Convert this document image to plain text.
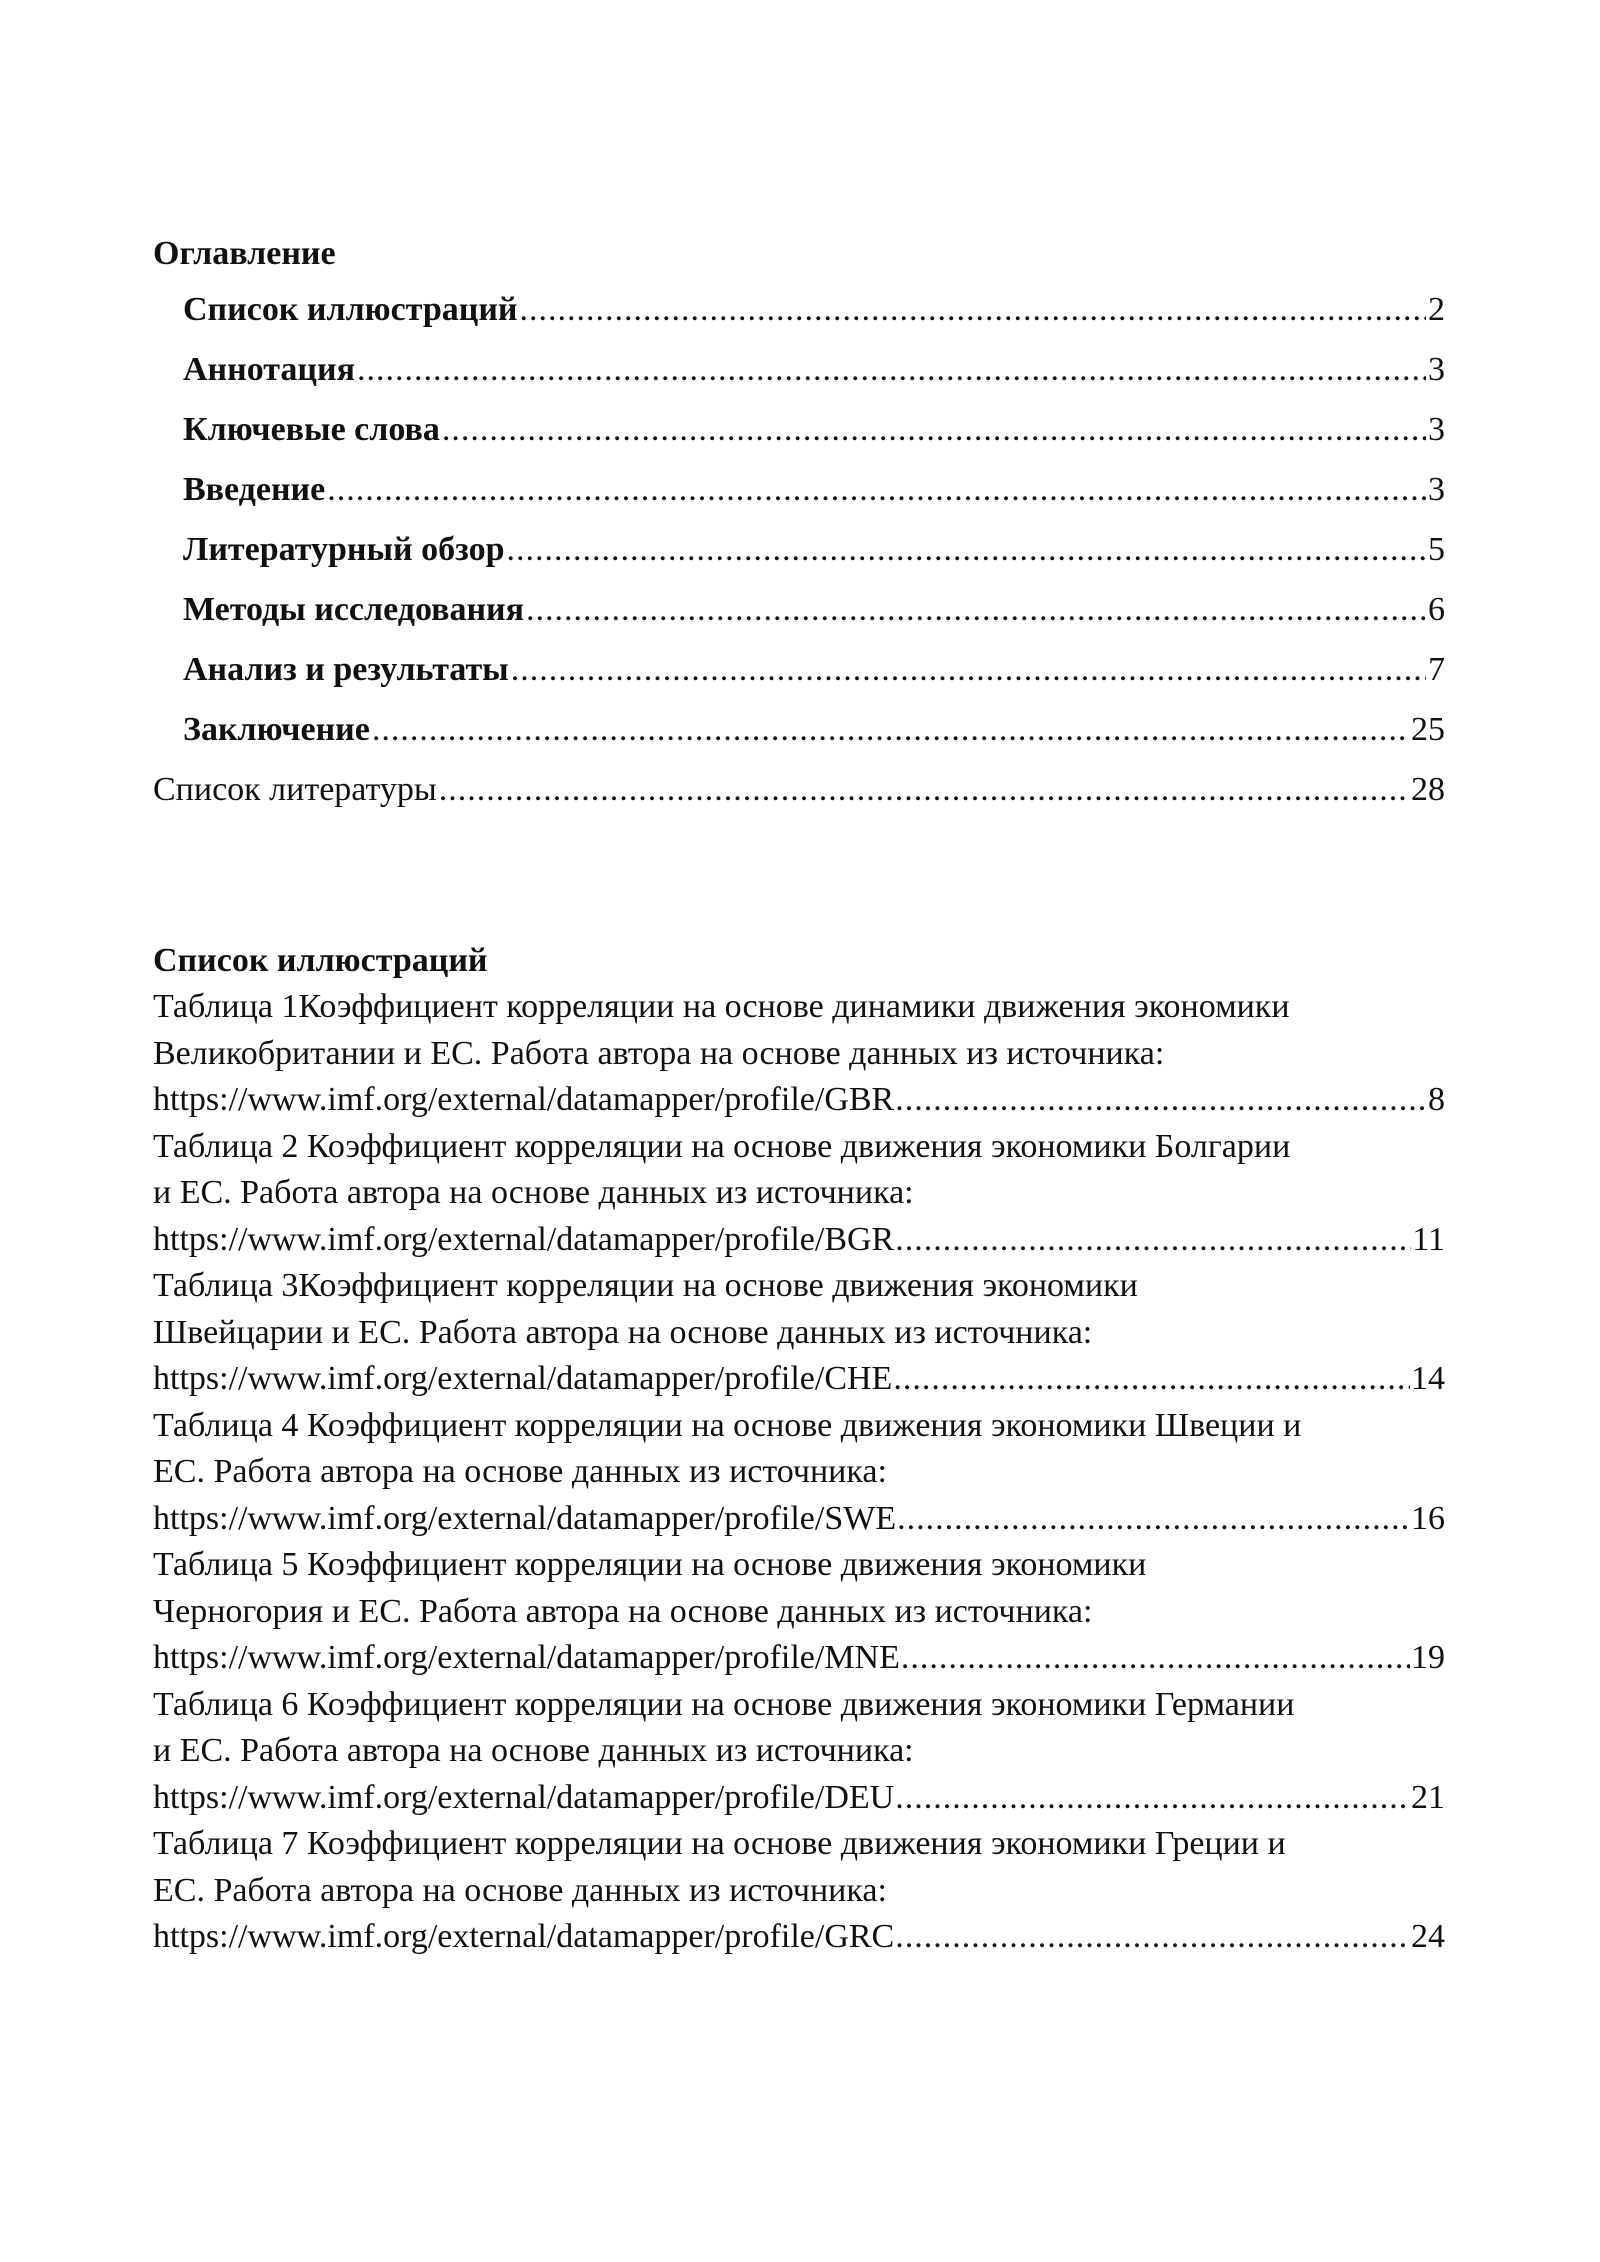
Оглавление
Список иллюстраций .....	2
Аннотация .....	3
Ключевые слова .....	3
Введение .....	3
Литературный обзор .....	5
Методы исследования .....	6
Анализ и результаты .....	7
Заключение .....	25
Список литературы .....	28
Список иллюстраций
Таблица 1Коэффициент корреляции на основе динамики движения экономики
Великобритании и ЕС. Работа автора на основе данных из источника:
https://www.imf.org/external/datamapper/profile/GBR .....	8
Таблица 2 Коэффициент корреляции на основе движения экономики Болгарии
и ЕС. Работа автора на основе данных из источника:
https://www.imf.org/external/datamapper/profile/BGR .....	11
Таблица 3Коэффициент корреляции на основе движения экономики
Швейцарии и ЕС. Работа автора на основе данных из источника:
https://www.imf.org/external/datamapper/profile/CHE .....	14
Таблица 4 Коэффициент корреляции на основе движения экономики Швеции и
ЕС. Работа автора на основе данных из источника:
https://www.imf.org/external/datamapper/profile/SWE .....	16
Таблица 5 Коэффициент корреляции на основе движения экономики
Черногория и ЕС. Работа автора на основе данных из источника:
https://www.imf.org/external/datamapper/profile/MNE .....	19
Таблица 6 Коэффициент корреляции на основе движения экономики Германии
и ЕС. Работа автора на основе данных из источника:
https://www.imf.org/external/datamapper/profile/DEU .....	21
Таблица 7 Коэффициент корреляции на основе движения экономики Греции и
ЕС. Работа автора на основе данных из источника:
https://www.imf.org/external/datamapper/profile/GRC .....	24
